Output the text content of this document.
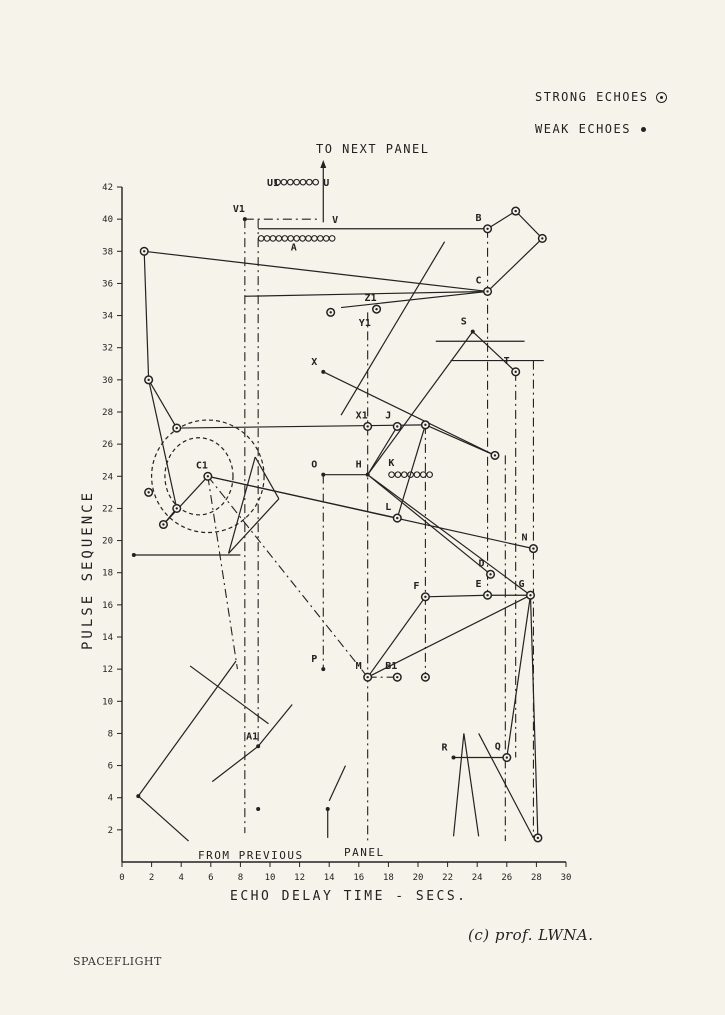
0	2	4	6	8 10 12 14 16 18 20 22 24 26 28 30
2
4
6
8
10
12
14
16
18
20
22
24
26
28
30
32
34
36
38
40
42
C1
B
C
Z1
T
J
X1
L
N
D
G
E
F
M B1
Q
V1
O	H
P
X
S
A1
R
U1	U
V
A
Y1
K
TO NEXT PANEL
FROM PREVIOUS	PANEL
ECHO DELAY TIME - SECS.
PULSE SEQUENCE
STRONG ECHOES
WEAK ECHOES
SPACEFLIGHT
(c) prof. LWNA.
